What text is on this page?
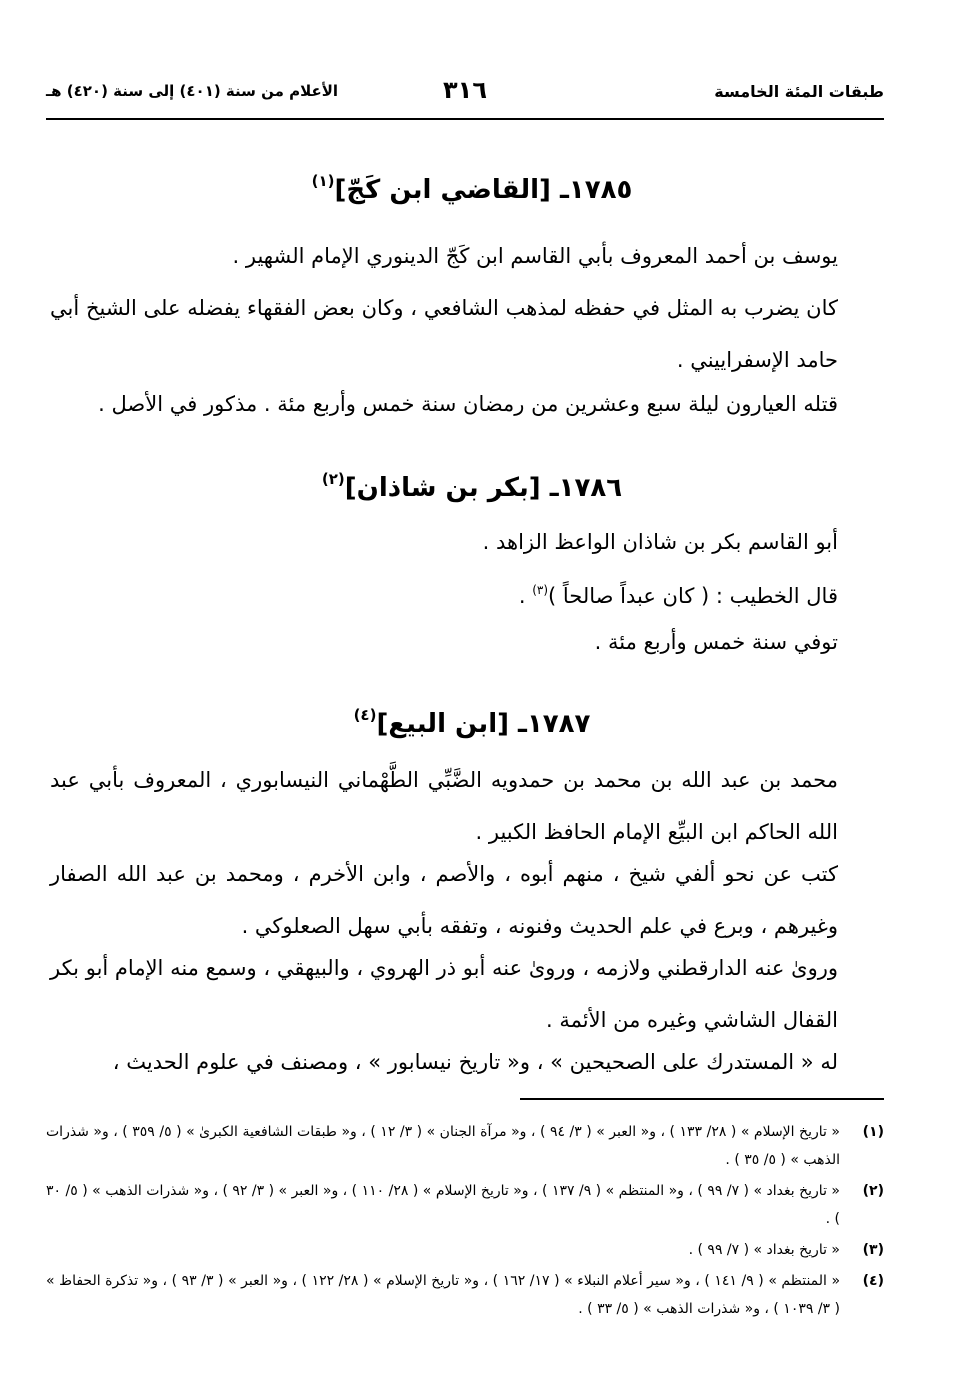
طبقات المئة الخامسة
٣١٦
الأعلام من سنة (٤٠١) إلى سنة (٤٢٠) هـ
١٧٨٥ـ [القاضي ابن كَجّ]$^{(١)}$
يوسف بن أحمد المعروف بأبي القاسم ابن كَجّ الدينوري الإمام الشهير .
كان يضرب به المثل في حفظه لمذهب الشافعي ، وكان بعض الفقهاء يفضله على الشيخ أبي حامد الإسفراييني .
قتله العيارون ليلة سبع وعشرين من رمضان سنة خمس وأربع مئة . مذكور في الأصل .
١٧٨٦ـ [بكر بن شاذان]$^{(٢)}$
أبو القاسم بكر بن شاذان الواعظ الزاهد .
قال الخطيب : ( كان عبداً صالحاً )$^{(٣)}$ .
توفي سنة خمس وأربع مئة .
١٧٨٧ـ [ابن البيع]$^{(٤)}$
محمد بن عبد الله بن محمد بن حمدويه الضَّبِّي الطَّهْماني النيسابوري ، المعروف بأبي عبد الله الحاكم ابن البيِّع الإمام الحافظ الكبير .
كتب عن نحو ألفي شيخ ، منهم أبوه ، والأصم ، وابن الأخرم ، ومحمد بن عبد الله الصفار وغيرهم ، وبرع في علم الحديث وفنونه ، وتفقه بأبي سهل الصعلوكي .
وروىٰ عنه الدارقطني ولازمه ، وروىٰ عنه أبو ذر الهروي ، والبيهقي ، وسمع منه الإمام أبو بكر القفال الشاشي وغيره من الأئمة .
له « المستدرك على الصحيحين » ، و« تاريخ نيسابور » ، ومصنف في علوم الحديث ،
(١)
« تاريخ الإسلام » ( ٢٨/ ١٣٣ ) ، و« العبر » ( ٣/ ٩٤ ) ، و« مرآة الجنان » ( ٣/ ١٢ ) ، و« طبقات الشافعية الكبرىٰ » ( ٥/ ٣٥٩ ) ، و« شذرات الذهب » ( ٥/ ٣٥ ) .
(٢)
« تاريخ بغداد » ( ٧/ ٩٩ ) ، و« المنتظم » ( ٩/ ١٣٧ ) ، و« تاريخ الإسلام » ( ٢٨/ ١١٠ ) ، و« العبر » ( ٣/ ٩٢ ) ، و« شذرات الذهب » ( ٥/ ٣٠ ) .
(٣)
« تاريخ بغداد » ( ٧/ ٩٩ ) .
(٤)
« المنتظم » ( ٩/ ١٤١ ) ، و« سير أعلام النبلاء » ( ١٧/ ١٦٢ ) ، و« تاريخ الإسلام » ( ٢٨/ ١٢٢ ) ، و« العبر » ( ٣/ ٩٣ ) ، و« تذكرة الحفاظ » ( ٣/ ١٠٣٩ ) ، و« شذرات الذهب » ( ٥/ ٣٣ ) .
